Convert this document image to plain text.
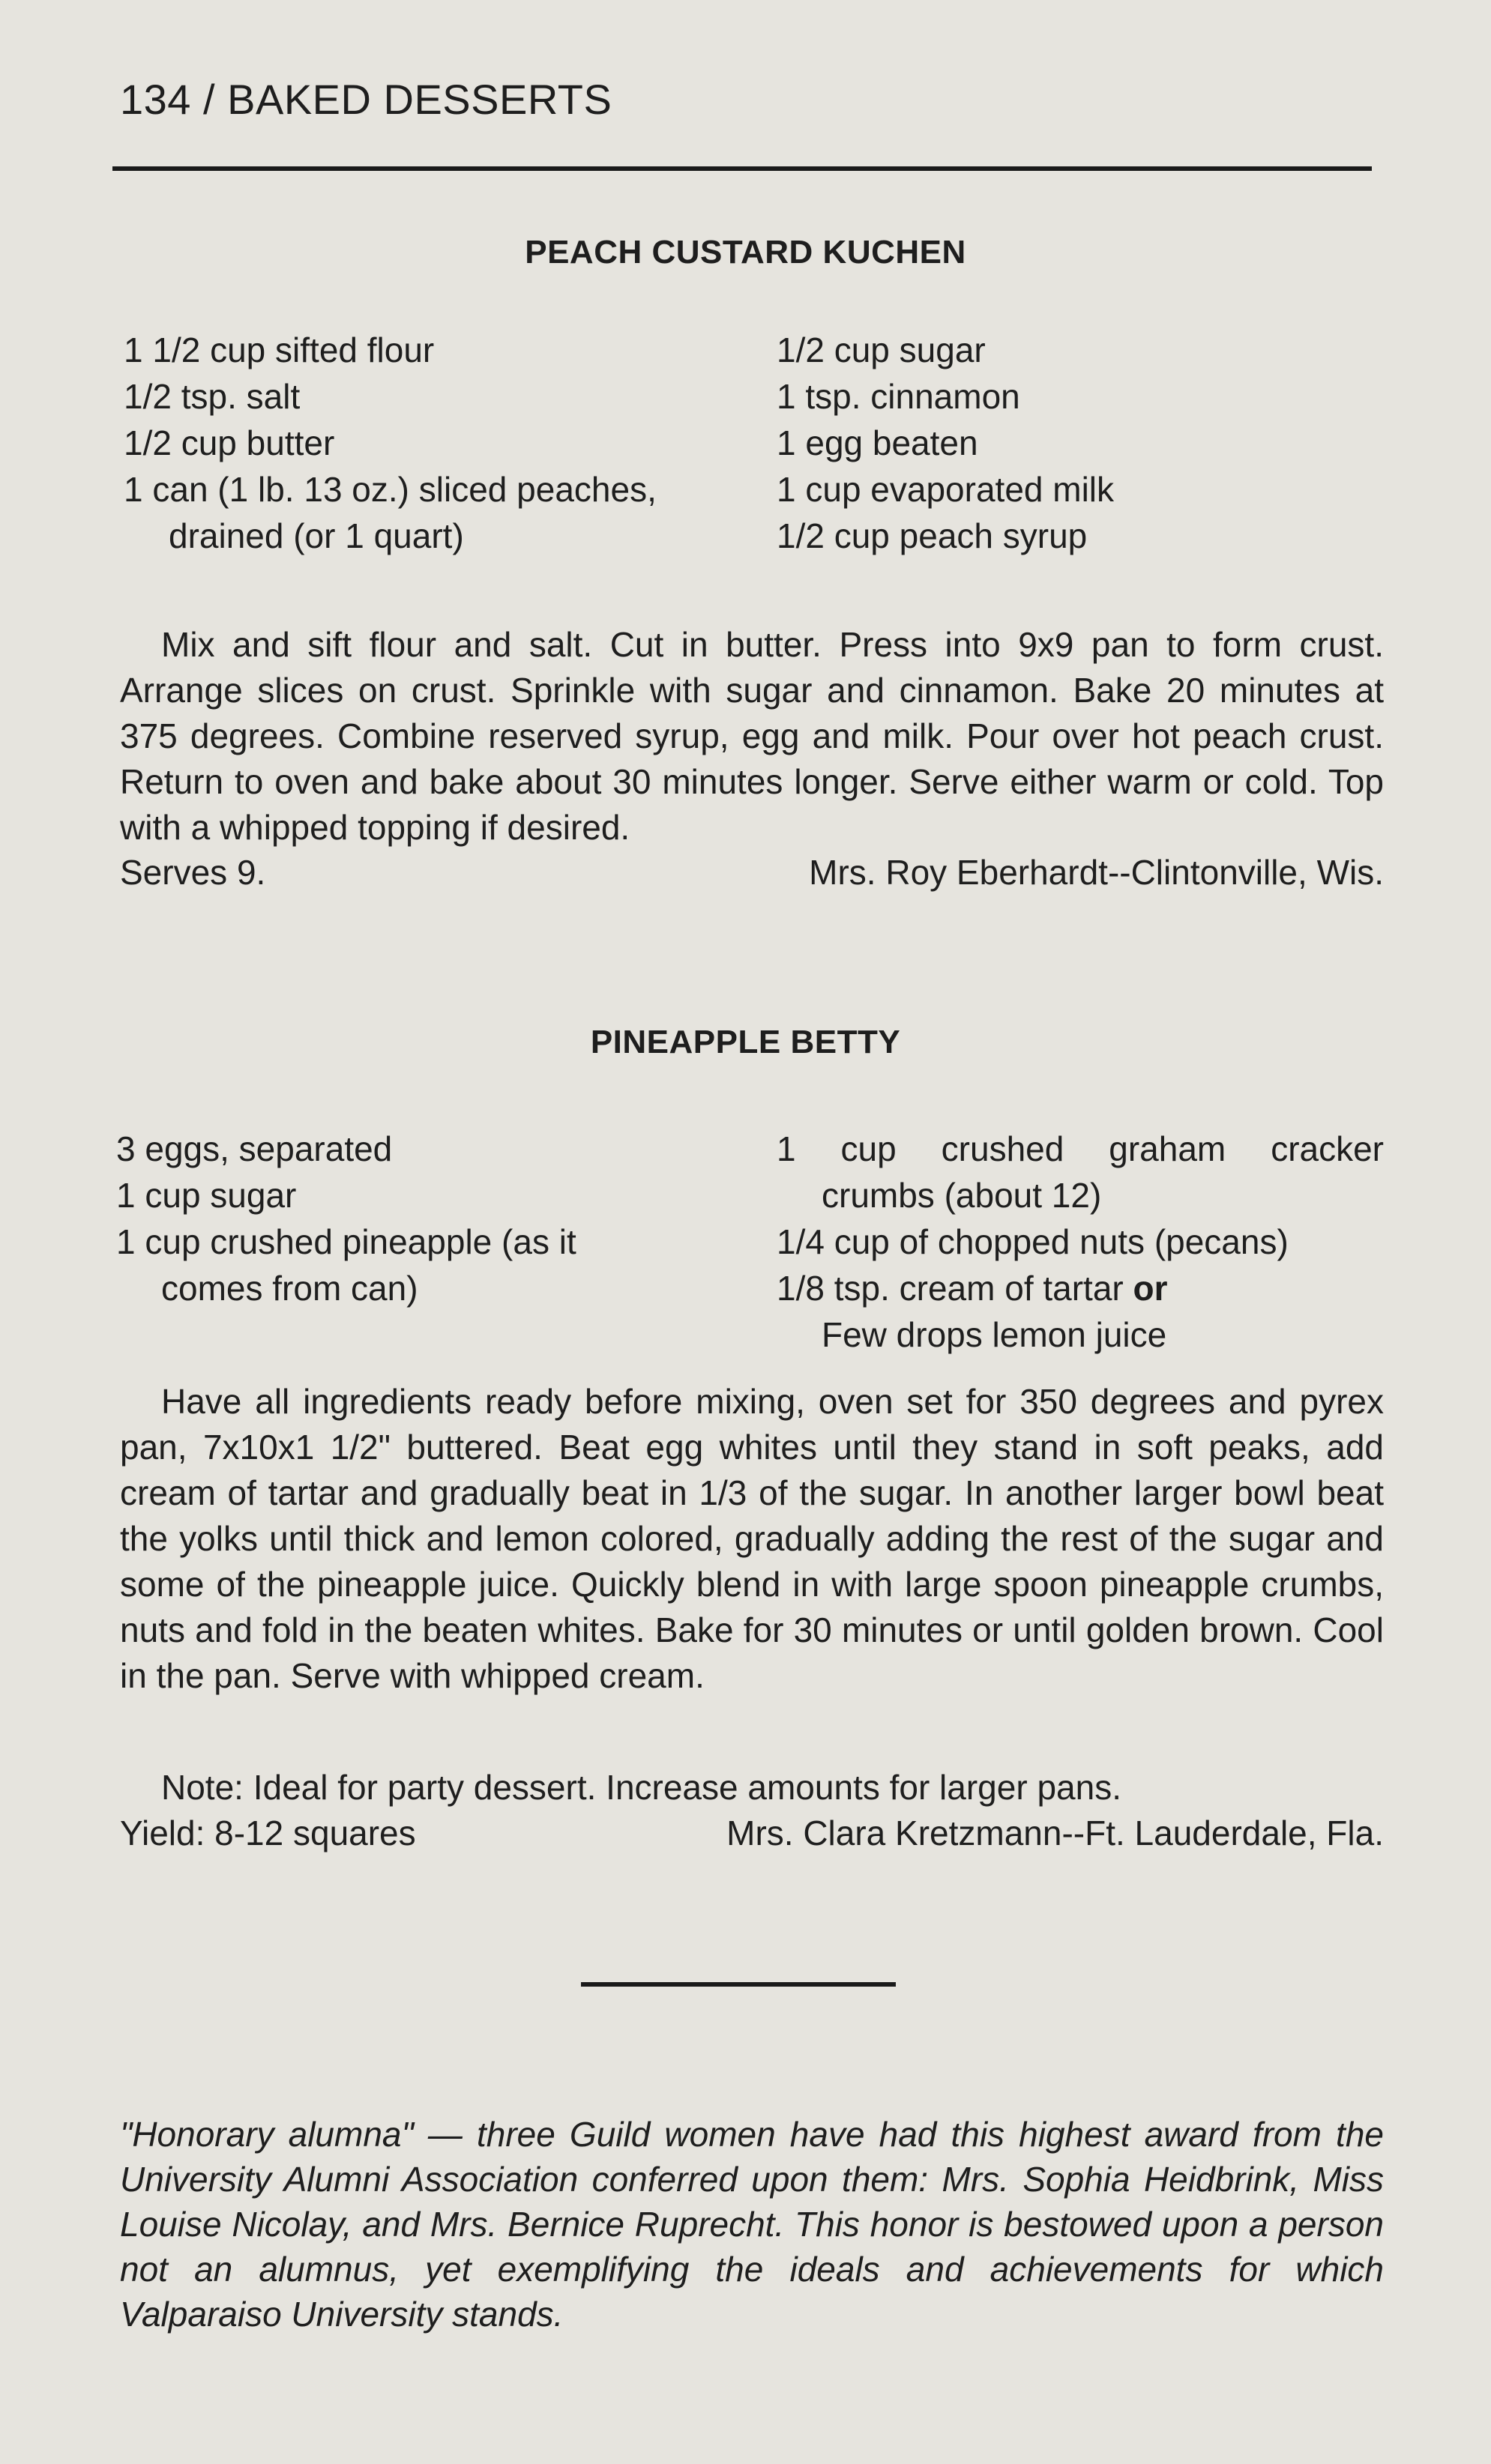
134 / BAKED DESSERTS
PEACH CUSTARD KUCHEN
1 1/2 cup sifted flour
1/2 tsp. salt
1/2 cup butter
1 can (1 lb. 13 oz.) sliced peaches,
drained (or 1 quart)
1/2 cup sugar
1 tsp. cinnamon
1 egg beaten
1 cup evaporated milk
1/2 cup peach syrup
Mix and sift flour and salt. Cut in butter. Press into 9x9 pan to form crust. Arrange slices on crust. Sprinkle with sugar and cinnamon. Bake 20 minutes at 375 degrees. Combine reserved syrup, egg and milk. Pour over hot peach crust. Return to oven and bake about 30 minutes longer. Serve either warm or cold. Top with a whipped topping if desired.
Serves 9.	Mrs. Roy Eberhardt--Clintonville, Wis.
PINEAPPLE BETTY
3 eggs, separated
1 cup sugar
1 cup crushed pineapple (as it
comes from can)
1 cup crushed graham cracker
crumbs (about 12)
1/4 cup of chopped nuts (pecans)
1/8 tsp. cream of tartar or
Few drops lemon juice
Have all ingredients ready before mixing, oven set for 350 degrees and pyrex pan, 7x10x1 1/2" buttered. Beat egg whites until they stand in soft peaks, add cream of tartar and gradually beat in 1/3 of the sugar. In another larger bowl beat the yolks until thick and lemon colored, gradually adding the rest of the sugar and some of the pineapple juice. Quickly blend in with large spoon pineapple crumbs, nuts and fold in the beaten whites. Bake for 30 minutes or until golden brown. Cool in the pan. Serve with whipped cream.
Note: Ideal for party dessert. Increase amounts for larger pans.
Yield: 8-12 squares	Mrs. Clara Kretzmann--Ft. Lauderdale, Fla.
"Honorary alumna" — three Guild women have had this highest award from the University Alumni Association conferred upon them: Mrs. Sophia Heidbrink, Miss Louise Nicolay, and Mrs. Bernice Ruprecht. This honor is bestowed upon a person not an alumnus, yet exemplifying the ideals and achievements for which Valparaiso University stands.
